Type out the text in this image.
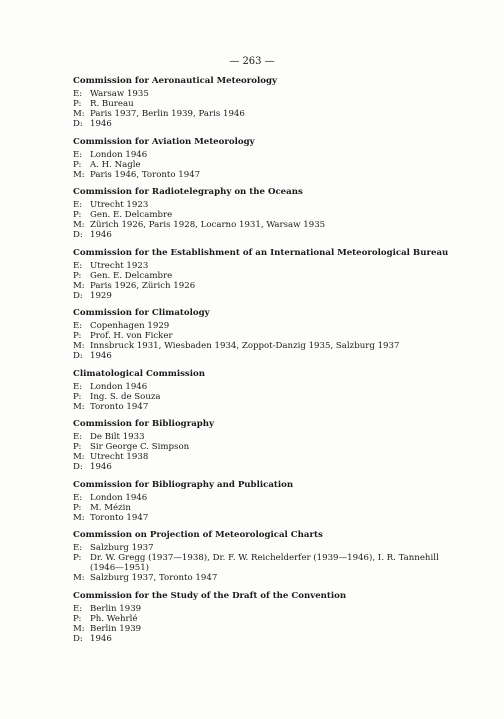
— 263 —
Commission for Aeronautical Meteorology
E: Warsaw 1935
P:	R. Bureau
M: Paris 1937, Berlin 1939, Paris 1946
D: 1946
Commission for Aviation Meteorology
E: London 1946
P:	A. H. Nagle
M: Paris 1946, Toronto 1947
Commission for Radiotelegraphy on the Oceans
E: Utrecht 1923
P:	Gen. E. Delcambre
M: Zürich 1926, Paris 1928, Locarno 1931, Warsaw 1935
D: 1946
Commission for the Establishment of an International Meteorological Bureau
E: Utrecht 1923
P:	Gen. E. Delcambre
M: Paris 1926, Zürich 1926
D: 1929
Commission for Climatology
E: Copenhagen 1929
P:	Prof. H. von Ficker
M: Innsbruck 1931, Wiesbaden 1934, Zoppot-Danzig 1935, Salzburg 1937
D: 1946
Climatological Commission
E: London 1946
P:	Ing. S. de Souza
M: Toronto 1947
Commission for Bibliography
E: De Bilt 1933
P:	Sir George C. Simpson
M: Utrecht 1938
D: 1946
Commission for Bibliography and Publication
E: London 1946
P:	M. Mézin
M: Toronto 1947
Commission on Projection of Meteorological Charts
E: Salzburg 1937
P:	Dr. W. Gregg (1937—1938), Dr. F. W. Reichelderfer (1939—1946), I. R. Tannehill
(1946—1951)
M: Salzburg 1937, Toronto 1947
Commission for the Study of the Draft of the Convention
E: Berlin 1939
P:	Ph. Wehrlé
M: Berlin 1939
D: 1946
